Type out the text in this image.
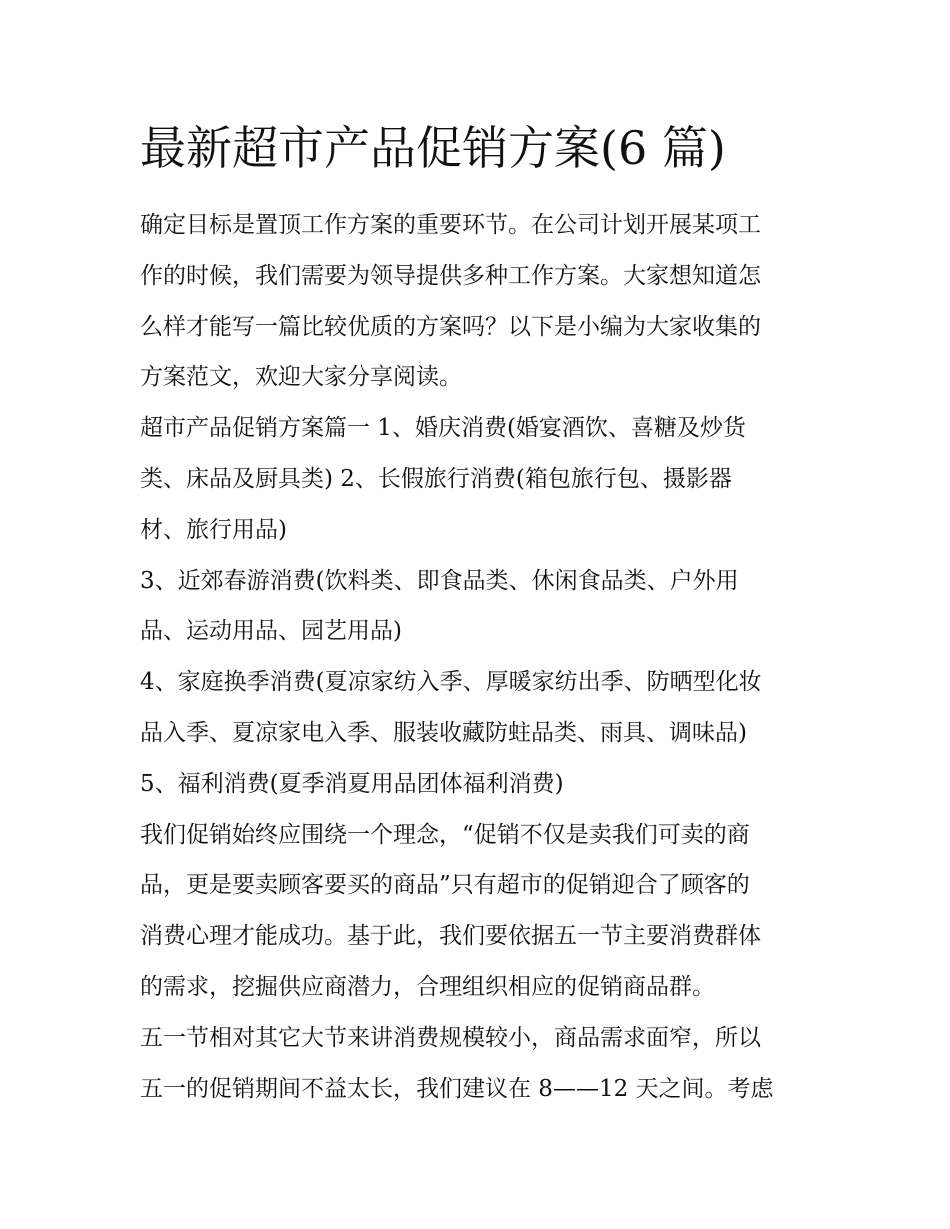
最新超市产品促销方案(6 篇)

确定目标是置顶工作方案的重要环节。在公司计划开展某项工

作的时候，我们需要为领导提供多种工作方案。大家想知道怎

么样才能写一篇比较优质的方案吗？以下是小编为大家收集的

方案范文，欢迎大家分享阅读。

超市产品促销方案篇一 1、婚庆消费(婚宴酒饮、喜糖及炒货

类、床品及厨具类) 2、长假旅行消费(箱包旅行包、摄影器

材、旅行用品)

3、近郊春游消费(饮料类、即食品类、休闲食品类、户外用

品、运动用品、园艺用品)

4、家庭换季消费(夏凉家纺入季、厚暖家纺出季、防晒型化妆

品入季、夏凉家电入季、服装收藏防蛀品类、雨具、调味品)

5、福利消费(夏季消夏用品团体福利消费)

我们促销始终应围绕一个理念，“促销不仅是卖我们可卖的商

品，更是要卖顾客要买的商品”只有超市的促销迎合了顾客的

消费心理才能成功。基于此，我们要依据五一节主要消费群体

的需求，挖掘供应商潜力，合理组织相应的促销商品群。

五一节相对其它大节来讲消费规模较小，商品需求面窄，所以

五一的促销期间不益太长，我们建议在 8——12 天之间。考虑
